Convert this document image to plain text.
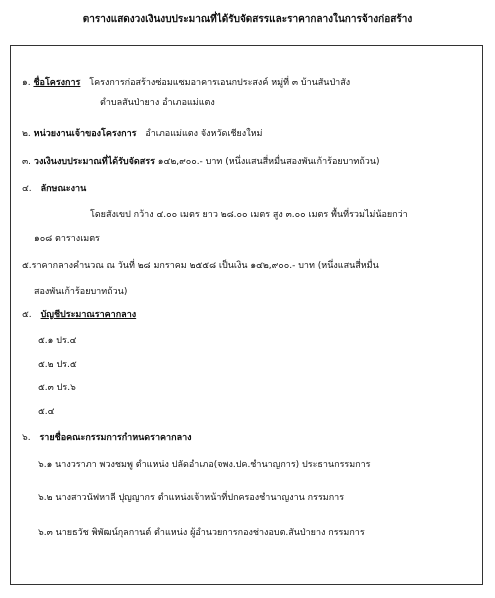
ตารางแสดงวงเงินงบประมาณที่ได้รับจัดสรรและราคากลางในการจ้างก่อสร้าง
๑. ชื่อโครงการ โครงการก่อสร้างซ่อมแซมอาคารเอนกประสงค์ หมู่ที่ ๓ บ้านสันป่าสัง
ตำบลสันป่ายาง อำเภอแม่แตง
๒. หน่วยงานเจ้าของโครงการ อำเภอแม่แตง จังหวัดเชียงใหม่
๓. วงเงินงบประมาณที่ได้รับจัดสรร ๑๔๒,๙๐๐.- บาท (หนึ่งแสนสี่หมื่นสองพันเก้าร้อยบาทถ้วน)
๔. ลักษณะงาน
โดยสังเขป กว้าง ๔.๐๐ เมตร ยาว ๒๘.๐๐ เมตร สูง ๓.๐๐ เมตร พื้นที่รวมไม่น้อยกว่า
๑๐๘ ตารางเมตร
๕.ราคากลางคำนวณ ณ วันที่ ๒๘ มกราคม ๒๕๕๘ เป็นเงิน ๑๔๒,๙๐๐.- บาท (หนึ่งแสนสี่หมื่น
สองพันเก้าร้อยบาทถ้วน)
๕. บัญชีประมาณราคากลาง
๕.๑ ปร.๔
๕.๒ ปร.๕
๕.๓ ปร.๖
๕.๔
๖. รายชื่อคณะกรรมการกำหนดราคากลาง
๖.๑ นางวราภา พวงชมพู ตำแหน่ง ปลัดอำเภอ(จพง.ปค.ชำนาญการ) ประธานกรรมการ
๖.๒ นางสาวนัฟหาลี ปุญญากร ตำแหน่งเจ้าหน้าที่ปกครองชำนาญงาน กรรมการ
๖.๓ นายธวัช พิพัฒน์กุลกานต์ ตำแหน่ง ผู้อำนวยการกองช่างอบต.สันป่ายาง กรรมการ
